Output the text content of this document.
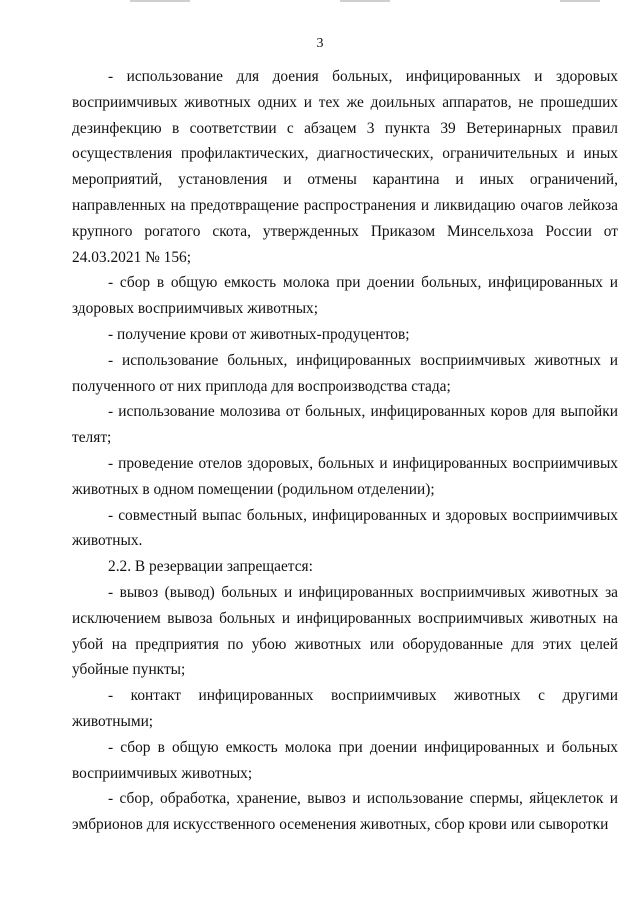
3

- использование для доения больных, инфицированных и здоровых восприимчивых животных одних и тех же доильных аппаратов, не прошедших дезинфекцию в соответствии с абзацем 3 пункта 39 Ветеринарных правил осуществления профилактических, диагностических, ограничительных и иных мероприятий, установления и отмены карантина и иных ограничений, направленных на предотвращение распространения и ликвидацию очагов лейкоза крупного рогатого скота, утвержденных Приказом Минсельхоза России от 24.03.2021 № 156;

- сбор в общую емкость молока при доении больных, инфицированных и здоровых восприимчивых животных;

- получение крови от животных-продуцентов;

- использование больных, инфицированных восприимчивых животных и полученного от них приплода для воспроизводства стада;

- использование молозива от больных, инфицированных коров для выпойки телят;

- проведение отелов здоровых, больных и инфицированных восприимчивых животных в одном помещении (родильном отделении);

- совместный выпас больных, инфицированных и здоровых восприимчивых животных.

2.2. В резервации запрещается:

- вывоз (вывод) больных и инфицированных восприимчивых животных за исключением вывоза больных и инфицированных восприимчивых животных на убой на предприятия по убою животных или оборудованные для этих целей убойные пункты;

- контакт инфицированных восприимчивых животных с другими животными;

- сбор в общую емкость молока при доении инфицированных и больных восприимчивых животных;

- сбор, обработка, хранение, вывоз и использование спермы, яйцеклеток и эмбрионов для искусственного осеменения животных, сбор крови или сыворотки
